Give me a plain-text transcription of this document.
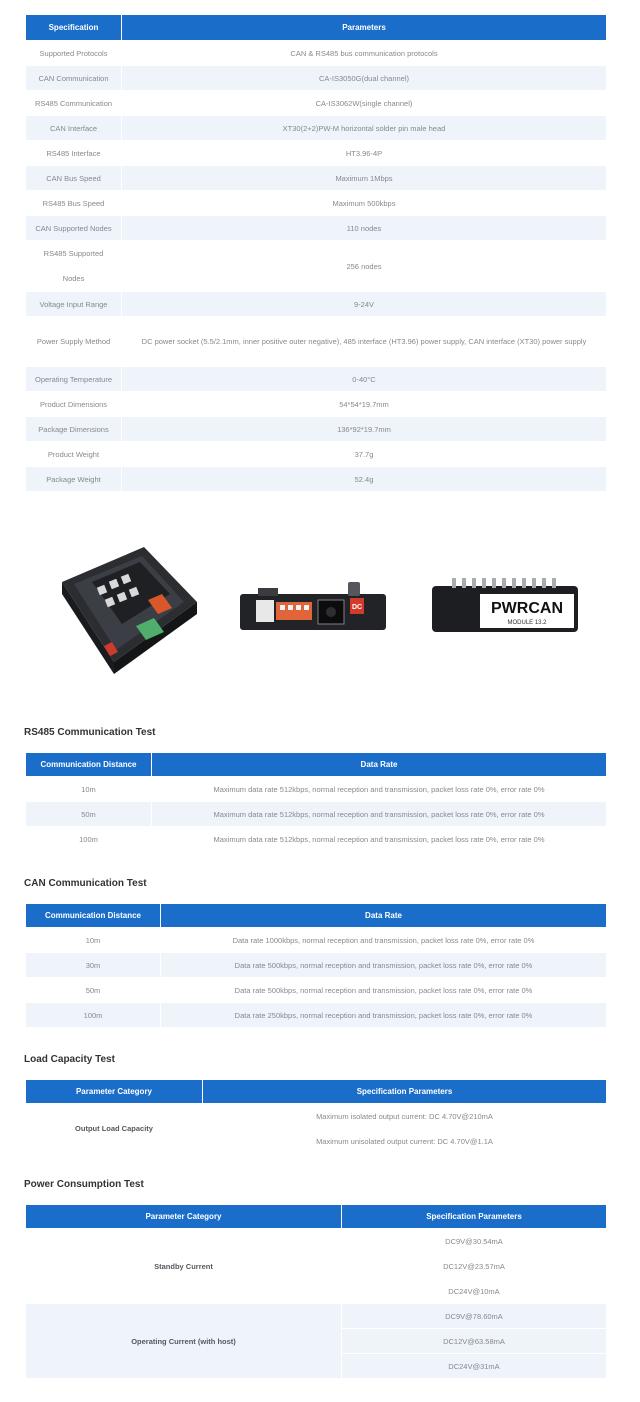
Specification	Parameters
Supported Protocols	CAN & RS485 bus communication protocols
CAN Communication	CA-IS3050G(dual channel)
RS485 Communication	CA-IS3062W(single channel)
CAN Interface	XT30(2+2)PW-M horizontal solder pin male head
RS485 Interface	HT3.96-4P
CAN Bus Speed	Maximum 1Mbps
RS485 Bus Speed	Maximum 500kbps
CAN Supported Nodes	110 nodes
RS485 Supported Nodes	256 nodes
Voltage Input Range	9-24V
Power Supply Method	DC power socket (5.5/2.1mm, inner positive outer negative), 485 interface (HT3.96) power supply, CAN interface (XT30) power supply
Operating Temperature	0-40°C
Product Dimensions	54*54*19.7mm
Package Dimensions	136*92*19.7mm
Product Weight	37.7g
Package Weight	52.4g
DC	PWRCAN
MODULE 13.2
RS485 Communication Test
Communication Distance	Data Rate
10m	Maximum data rate 512kbps, normal reception and transmission, packet loss rate 0%, error rate 0%
50m	Maximum data rate 512kbps, normal reception and transmission, packet loss rate 0%, error rate 0%
100m	Maximum data rate 512kbps, normal reception and transmission, packet loss rate 0%, error rate 0%
CAN Communication Test
Communication Distance	Data Rate
10m	Data rate 1000kbps, normal reception and transmission, packet loss rate 0%, error rate 0%
30m	Data rate 500kbps, normal reception and transmission, packet loss rate 0%, error rate 0%
50m	Data rate 500kbps, normal reception and transmission, packet loss rate 0%, error rate 0%
100m	Data rate 250kbps, normal reception and transmission, packet loss rate 0%, error rate 0%
Load Capacity Test
Parameter Category	Specification Parameters
Output Load Capacity	Maximum isolated output current: DC 4.70V@210mA
	Maximum unisolated output current: DC 4.70V@1.1A
Power Consumption Test
Parameter Category	Specification Parameters
Standby Current	DC9V@30.54mA
	DC12V@23.57mA
	DC24V@10mA
Operating Current (with host)	DC9V@78.60mA
	DC12V@63.58mA
	DC24V@31mA
